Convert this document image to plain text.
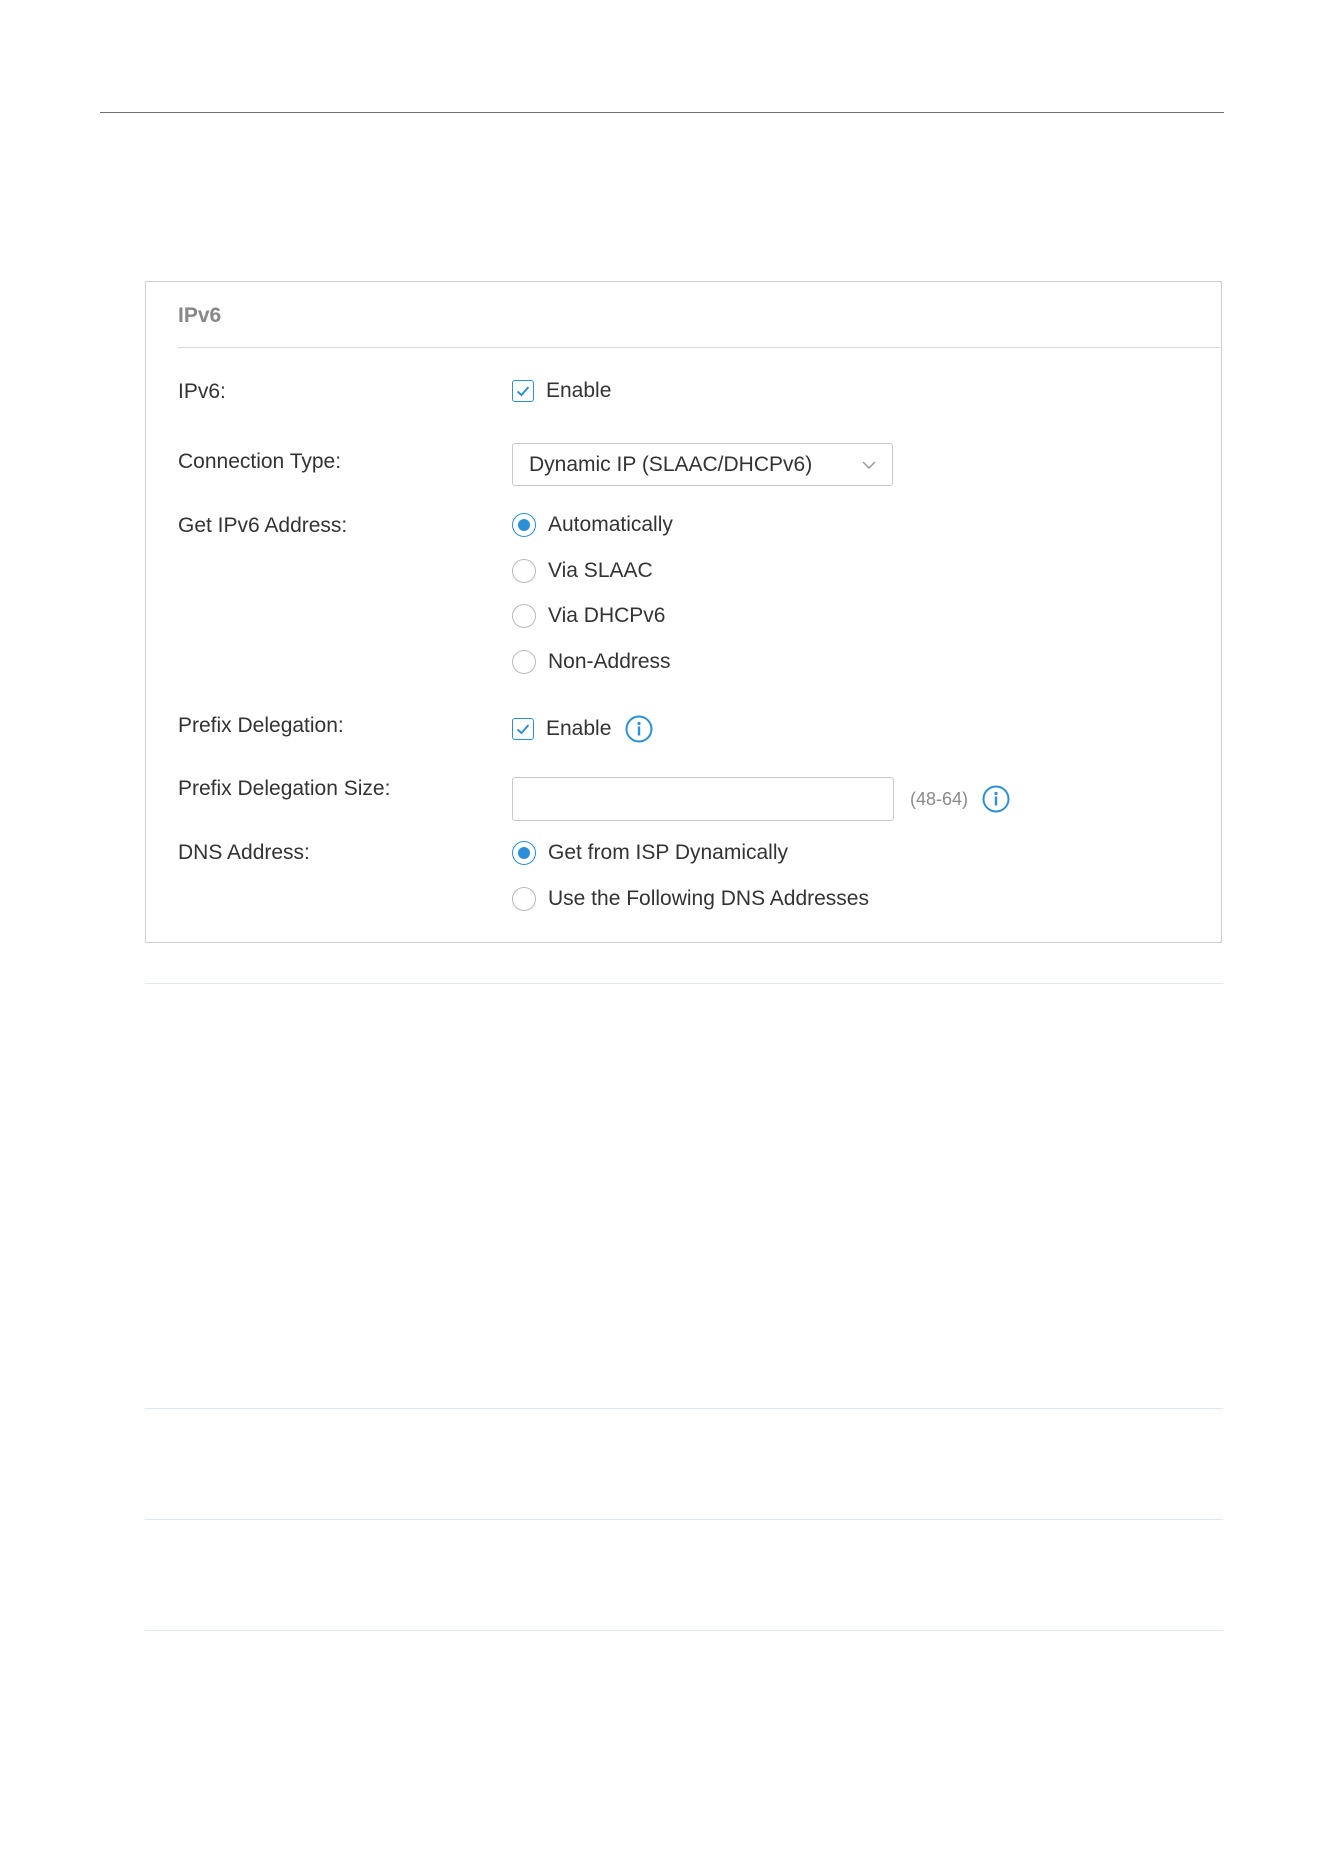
IPv6
IPv6:	Enable
Connection Type:	Dynamic IP (SLAAC/DHCPv6)
Get IPv6 Address:	Automatically
Via SLAAC
Via DHCPv6
Non-Address
Prefix Delegation:	Enable
Prefix Delegation Size:	(48-64)
DNS Address:	Get from ISP Dynamically
Use the Following DNS Addresses
